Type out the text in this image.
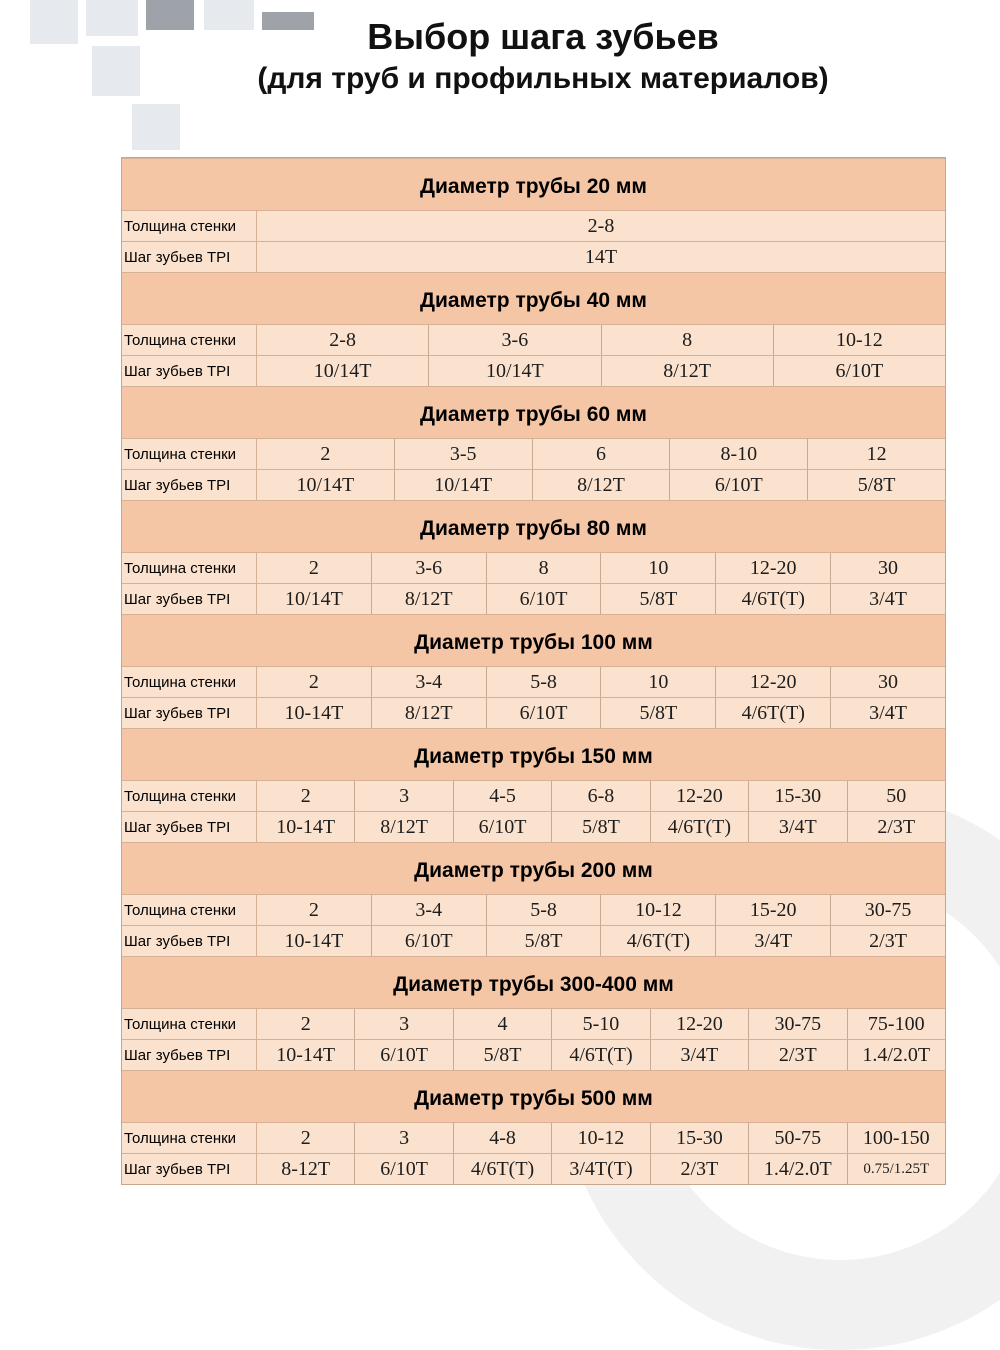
Выбор шага зубьев
(для труб и профильных материалов)
Диаметр трубы 20 мм
Толщина стенки	2-8
Шаг зубьев TPI	14T
Диаметр трубы 40 мм
Толщина стенки	2-8	3-6	8	10-12
Шаг зубьев TPI	10/14T	10/14T	8/12T	6/10T
Диаметр трубы 60 мм
Толщина стенки	2	3-5	6	8-10	12
Шаг зубьев TPI	10/14T	10/14T	8/12T	6/10T	5/8T
Диаметр трубы 80 мм
Толщина стенки	2	3-6	8	10	12-20	30
Шаг зубьев TPI	10/14T	8/12T	6/10T	5/8T	4/6T(T)	3/4T
Диаметр трубы 100 мм
Толщина стенки	2	3-4	5-8	10	12-20	30
Шаг зубьев TPI	10-14T	8/12T	6/10T	5/8T	4/6T(T)	3/4T
Диаметр трубы 150 мм
Толщина стенки	2	3	4-5	6-8	12-20	15-30	50
Шаг зубьев TPI	10-14T	8/12T	6/10T	5/8T	4/6T(T)	3/4T	2/3T
Диаметр трубы 200 мм
Толщина стенки	2	3-4	5-8	10-12	15-20	30-75
Шаг зубьев TPI	10-14T	6/10T	5/8T	4/6T(T)	3/4T	2/3T
Диаметр трубы 300-400 мм
Толщина стенки	2	3	4	5-10	12-20	30-75	75-100
Шаг зубьев TPI	10-14T	6/10T	5/8T	4/6T(T)	3/4T	2/3T	1.4/2.0T
Диаметр трубы 500 мм
Толщина стенки	2	3	4-8	10-12	15-30	50-75	100-150
Шаг зубьев TPI	8-12T	6/10T	4/6T(T)	3/4T(T)	2/3T	1.4/2.0T	0.75/1.25T
